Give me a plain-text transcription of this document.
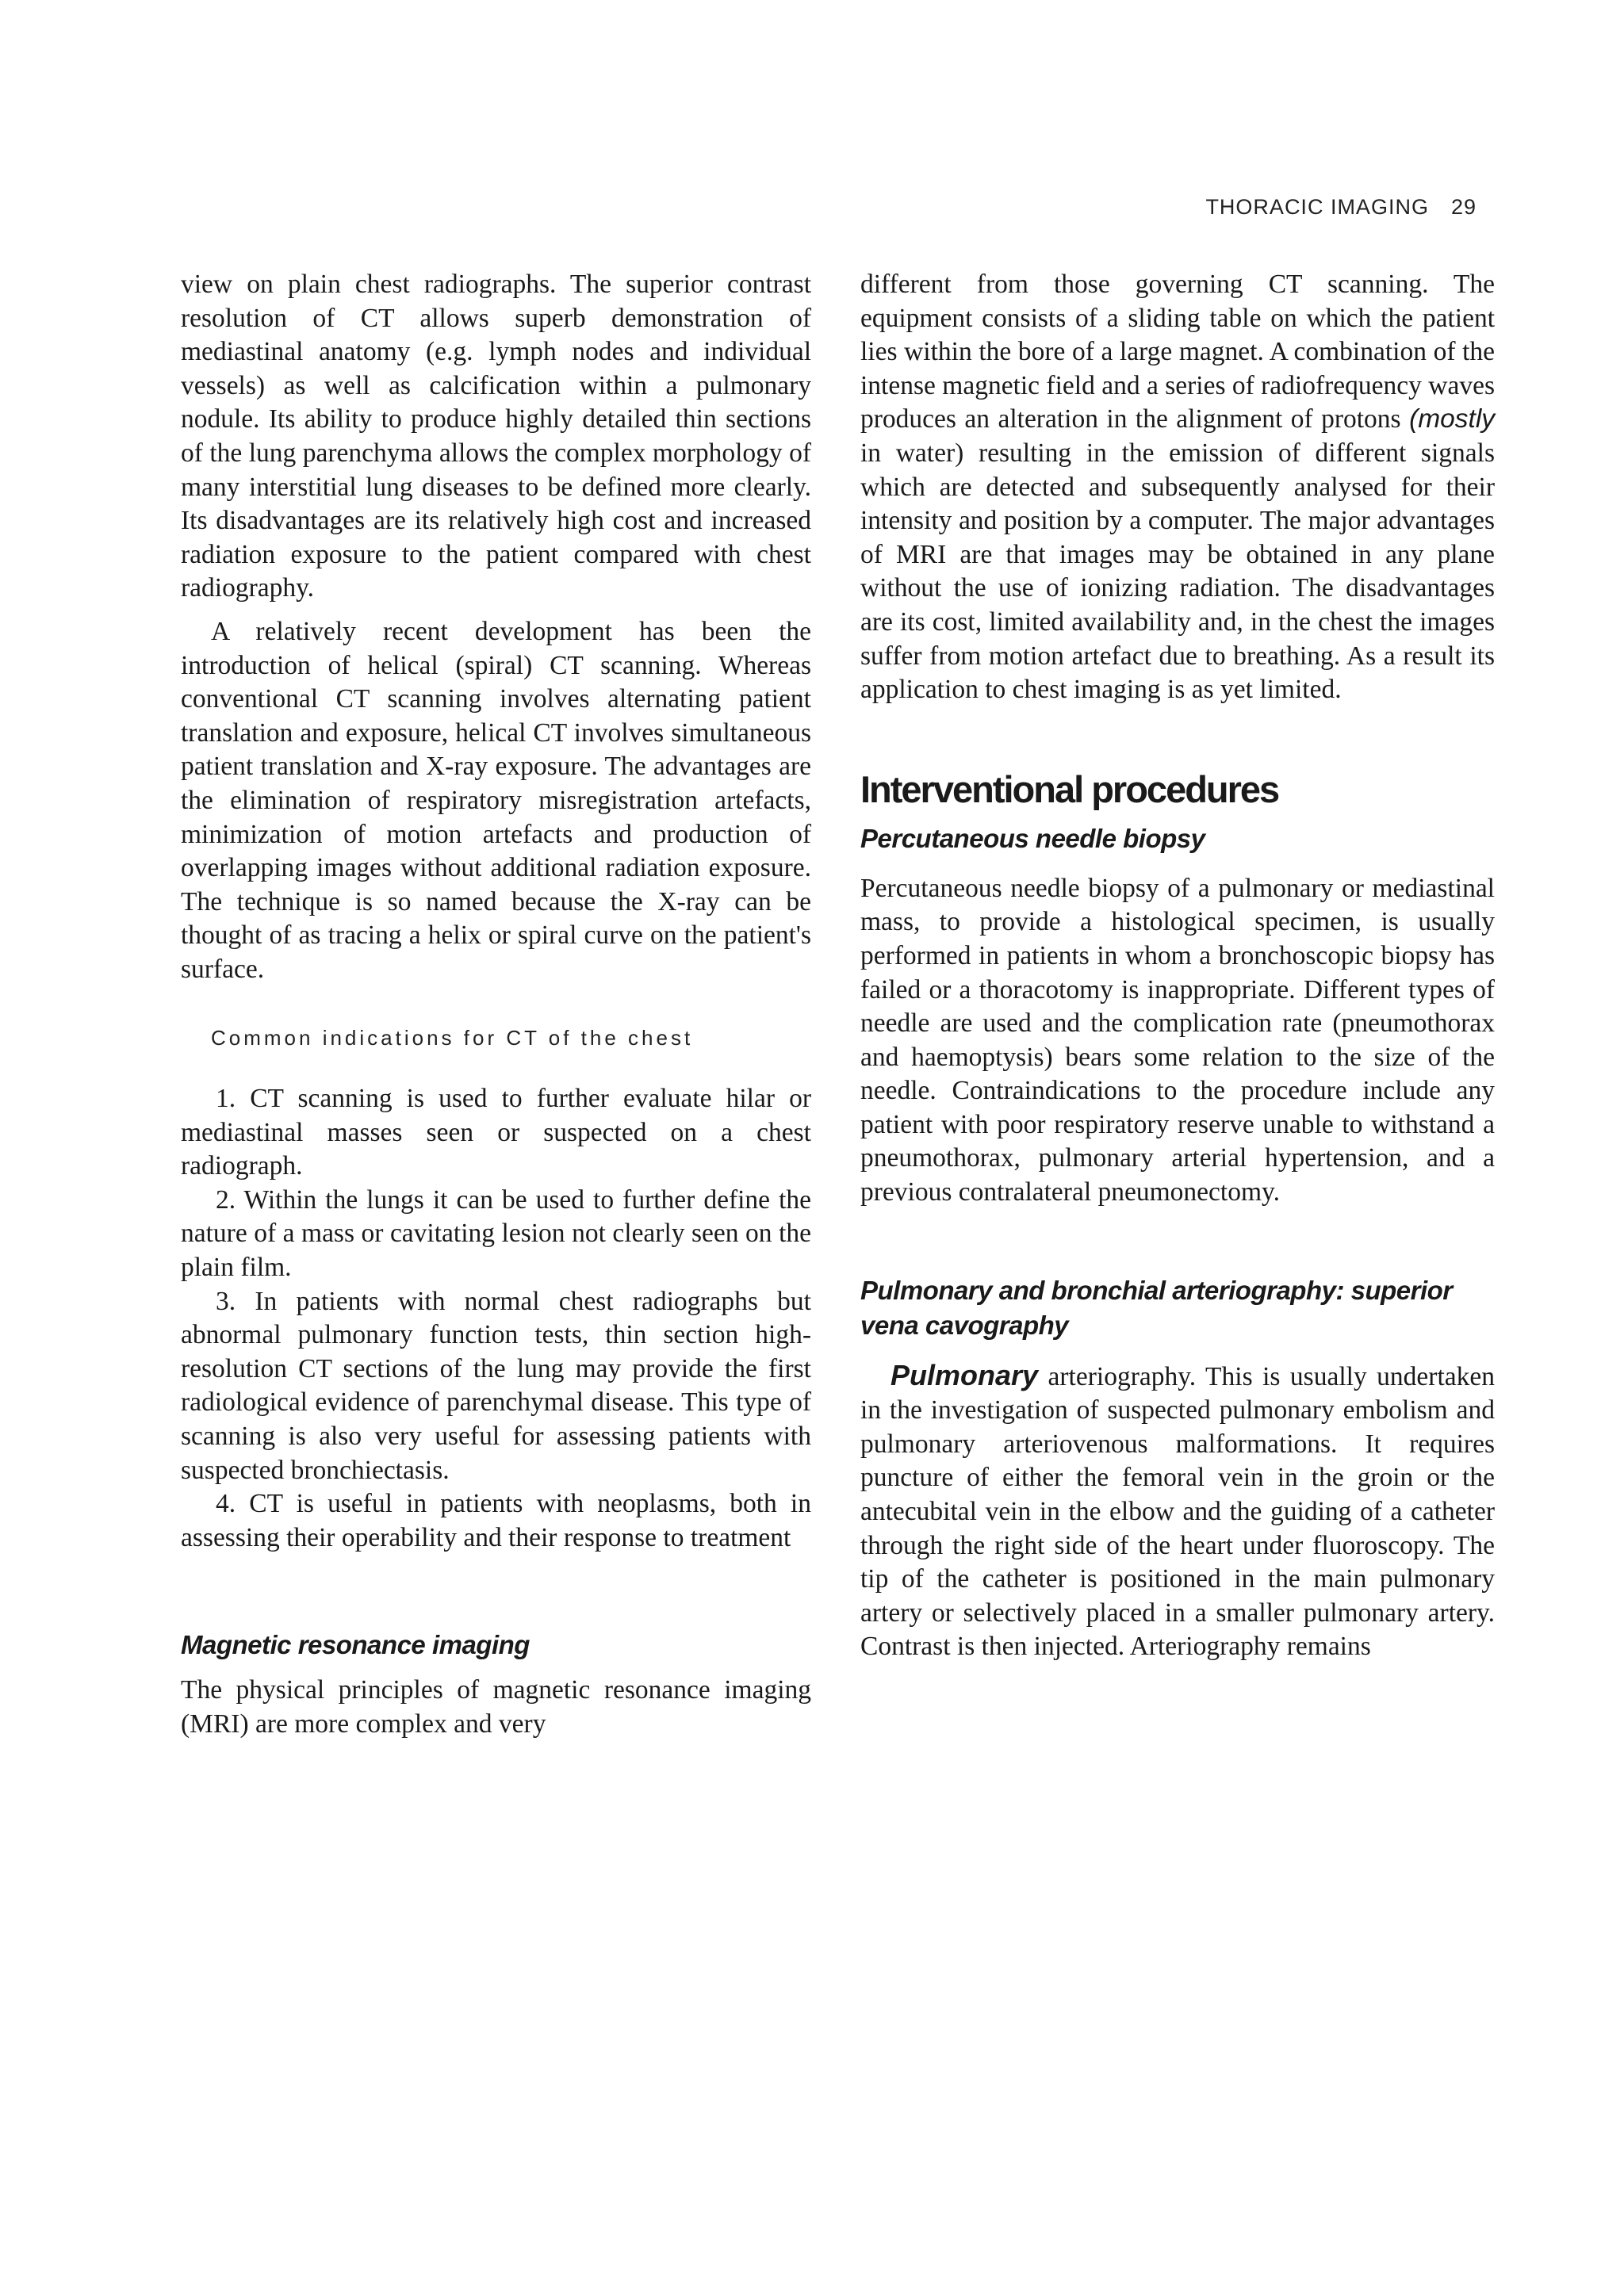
THORACIC IMAGING 29

view on plain chest radiographs. The superior contrast resolution of CT allows superb demonstration of mediastinal anatomy (e.g. lymph nodes and individual vessels) as well as calcification within a pulmonary nodule. Its ability to produce highly detailed thin sections of the lung parenchyma allows the complex morphology of many interstitial lung diseases to be defined more clearly. Its disadvantages are its relatively high cost and increased radiation exposure to the patient compared with chest radiography.

A relatively recent development has been the introduction of helical (spiral) CT scanning. Whereas conventional CT scanning involves alternating patient translation and exposure, helical CT involves simultaneous patient translation and X-ray exposure. The advantages are the elimination of respiratory misregistration artefacts, minimization of motion artefacts and production of overlapping images without additional radiation exposure. The technique is so named because the X-ray can be thought of as tracing a helix or spiral curve on the patient's surface.

Common indications for CT of the chest

1. CT scanning is used to further evaluate hilar or mediastinal masses seen or suspected on a chest radiograph.

2. Within the lungs it can be used to further define the nature of a mass or cavitating lesion not clearly seen on the plain film.

3. In patients with normal chest radiographs but abnormal pulmonary function tests, thin section high-resolution CT sections of the lung may provide the first radiological evidence of parenchymal disease. This type of scanning is also very useful for assessing patients with suspected bronchiectasis.

4. CT is useful in patients with neoplasms, both in assessing their operability and their response to treatment

Magnetic resonance imaging

The physical principles of magnetic resonance imaging (MRI) are more complex and very

different from those governing CT scanning. The equipment consists of a sliding table on which the patient lies within the bore of a large magnet. A combination of the intense magnetic field and a series of radiofrequency waves produces an alteration in the alignment of protons (mostly in water) resulting in the emission of different signals which are detected and subsequently analysed for their intensity and position by a computer. The major advantages of MRI are that images may be obtained in any plane without the use of ionizing radiation. The disadvantages are its cost, limited availability and, in the chest the images suffer from motion artefact due to breathing. As a result its application to chest imaging is as yet limited.

Interventional procedures
Percutaneous needle biopsy

Percutaneous needle biopsy of a pulmonary or mediastinal mass, to provide a histological specimen, is usually performed in patients in whom a bronchoscopic biopsy has failed or a thoracotomy is inappropriate. Different types of needle are used and the complication rate (pneumothorax and haemoptysis) bears some relation to the size of the needle. Contraindications to the procedure include any patient with poor respiratory reserve unable to withstand a pneumothorax, pulmonary arterial hypertension, and a previous contralateral pneumonectomy.

Pulmonary and bronchial arteriography: superior vena cavography

Pulmonary arteriography. This is usually undertaken in the investigation of suspected pulmonary embolism and pulmonary arteriovenous malformations. It requires puncture of either the femoral vein in the groin or the antecubital vein in the elbow and the guiding of a catheter through the right side of the heart under fluoroscopy. The tip of the catheter is positioned in the main pulmonary artery or selectively placed in a smaller pulmonary artery. Contrast is then injected. Arteriography remains
